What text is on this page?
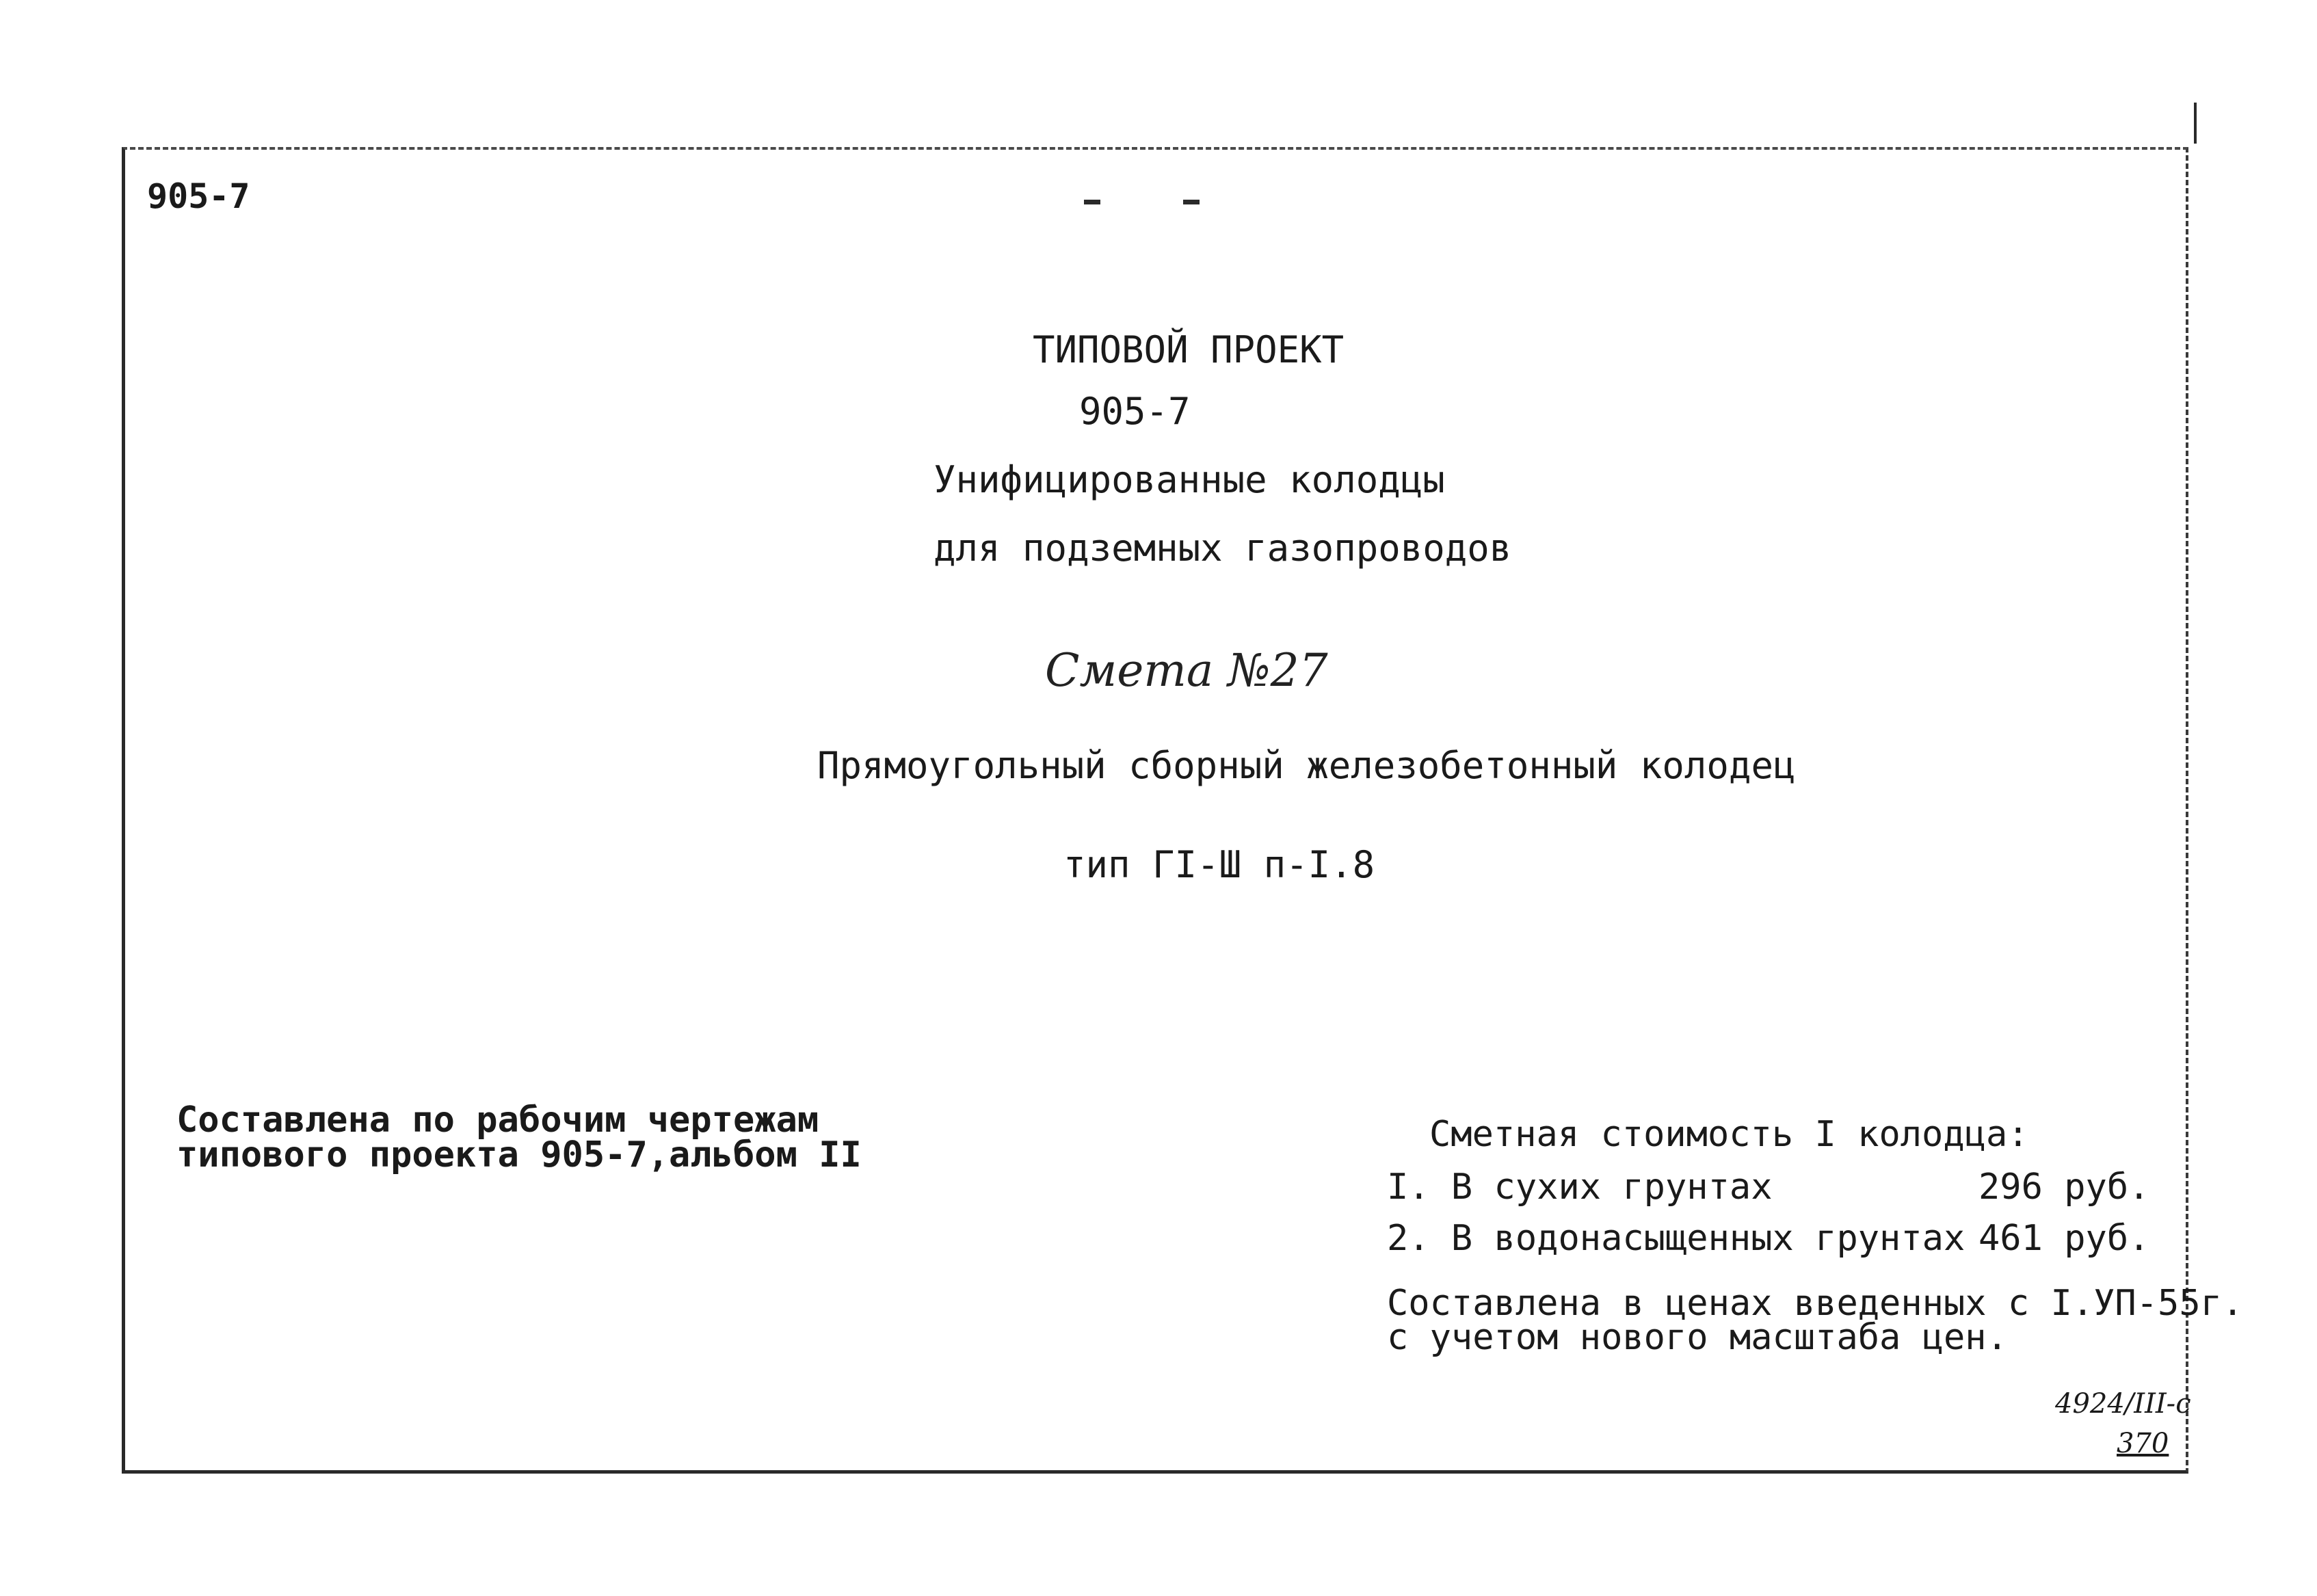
905-7
ТИПОВОЙ ПРОЕКТ
905-7
Унифицированные колодцы
для подземных газопроводов
Смета №27
Прямоугольный сборный железобетонный колодец
тип ГI-Ш п-I.8
Составлена по рабочим чертежам
типового проекта 905-7,альбом II	Сметная стоимость I колодца:
I. В сухих грунтах	296 руб.
2. В водонасыщенных грунтах 461 руб.
Составлена в ценах введенных с I.УП-55г.
с учетом нового масштаба цен.
4924/III-с
370
